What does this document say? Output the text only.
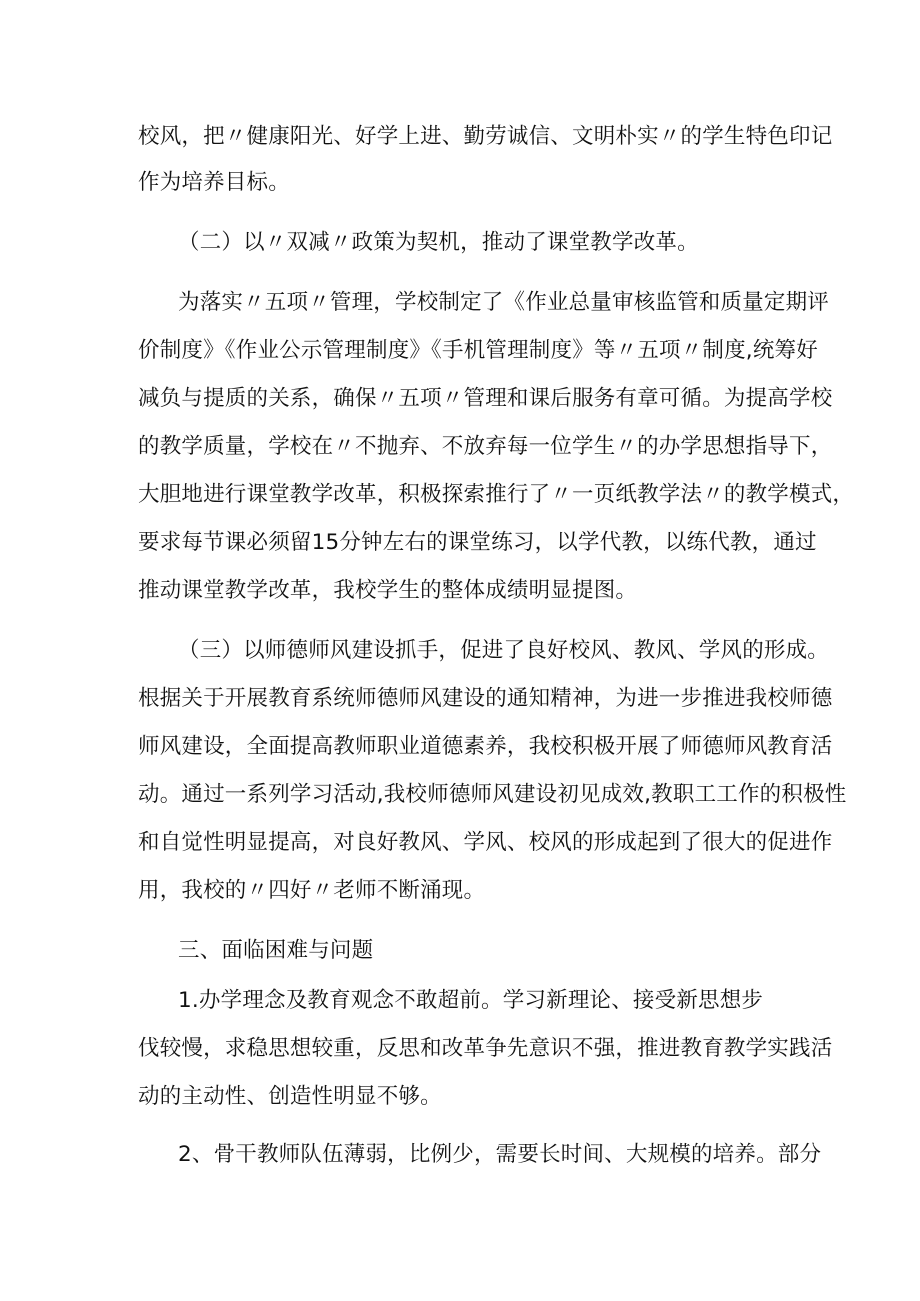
校风，把〃健康阳光、好学上进、勤劳诚信、文明朴实〃的学生特色印记
作为培养目标。
（二）以〃双减〃政策为契机，推动了课堂教学改革。
为落实〃五项〃管理，学校制定了《作业总量审核监管和质量定期评
价制度》《作业公示管理制度》《手机管理制度》等〃五项〃制度,统筹好
减负与提质的关系，确保〃五项〃管理和课后服务有章可循。为提高学校
的教学质量，学校在〃不抛弃、不放弃每一位学生〃的办学思想指导下，
大胆地进行课堂教学改革，积极探索推行了〃一页纸教学法〃的教学模式，
要求每节课必须留15分钟左右的课堂练习，以学代教，以练代教，通过
推动课堂教学改革，我校学生的整体成绩明显提图。
（三）以师德师风建设抓手，促进了良好校风、教风、学风的形成。
根据关于开展教育系统师德师风建设的通知精神，为进一步推进我校师德
师风建设，全面提高教师职业道德素养，我校积极开展了师德师风教育活
动。通过一系列学习活动,我校师德师风建设初见成效,教职工工作的积极性
和自觉性明显提高，对良好教风、学风、校风的形成起到了很大的促进作
用，我校的〃四好〃老师不断涌现。
三、面临困难与问题
1.办学理念及教育观念不敢超前。学习新理论、接受新思想步
伐较慢，求稳思想较重，反思和改革争先意识不强，推进教育教学实践活
动的主动性、创造性明显不够。
2、骨干教师队伍薄弱，比例少，需要长时间、大规模的培养。部分
